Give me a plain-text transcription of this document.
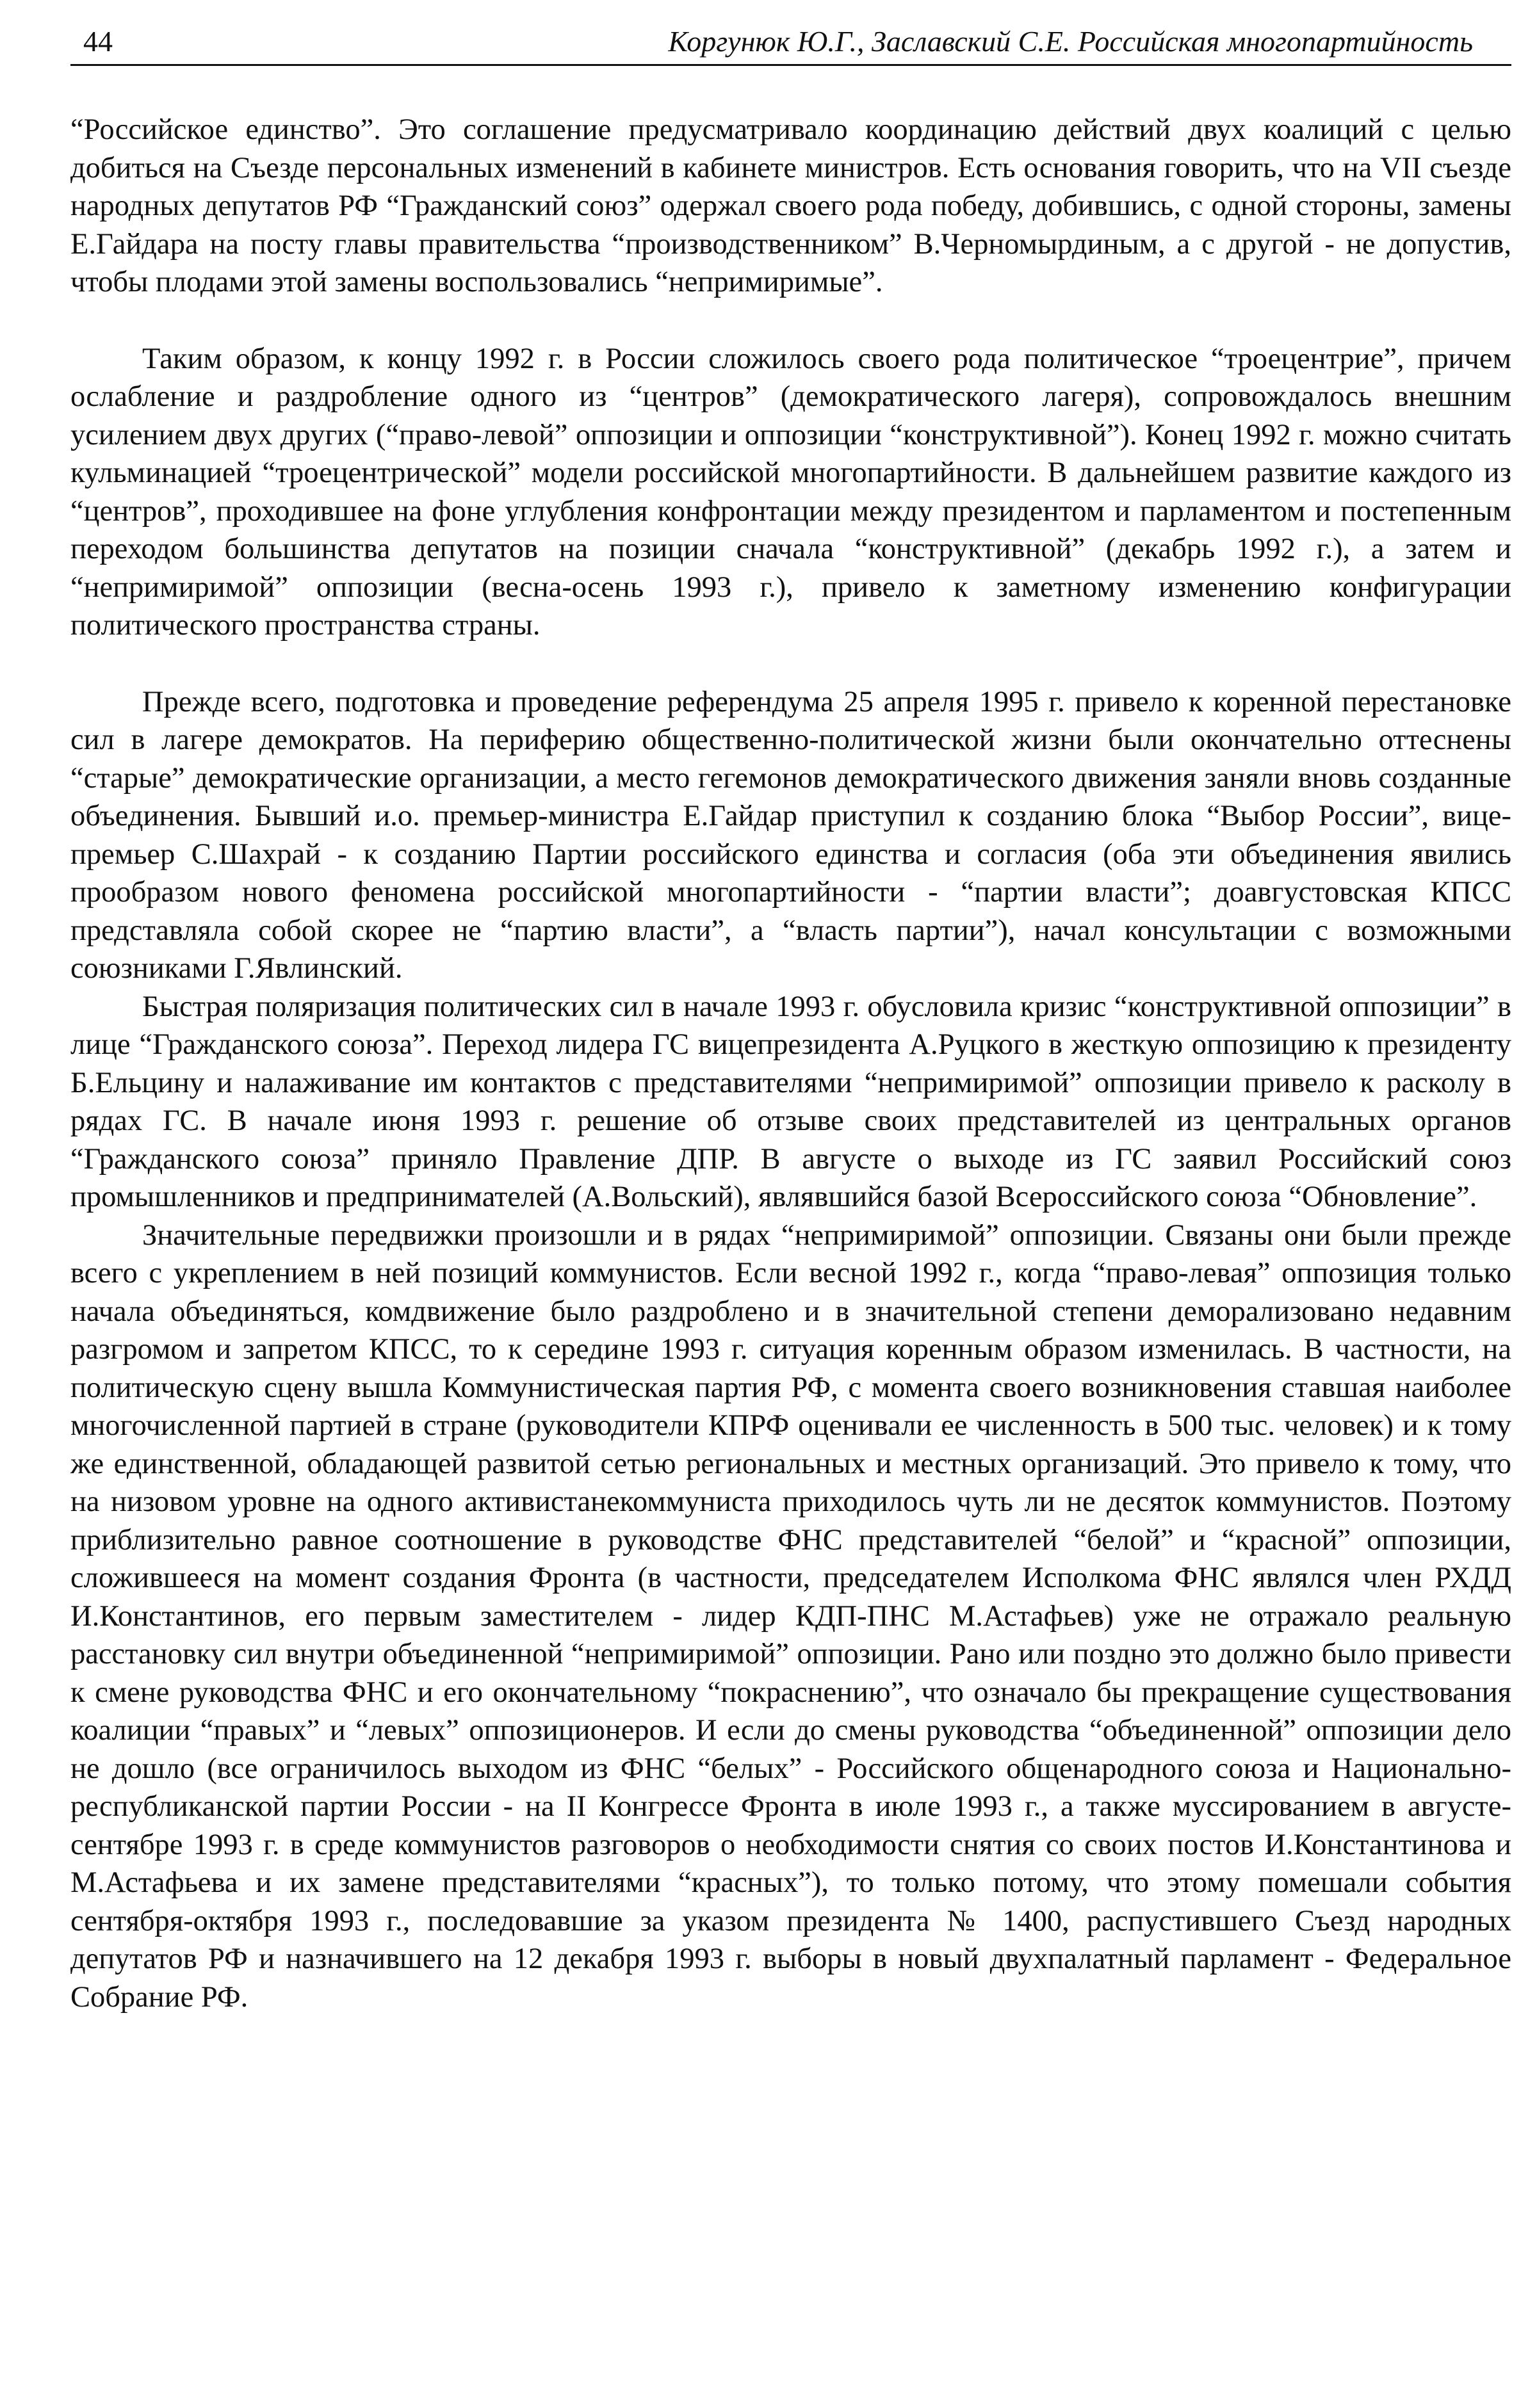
44	Коргунюк Ю.Г., Заславский С.Е. Российская многопартийность

“Российское единство”. Это соглашение предусматривало координацию действий двух коалиций с целью добиться на Съезде персональных изменений в кабинете министров. Есть основания говорить, что на VII съезде народных депутатов РФ “Гражданский союз” одержал своего рода победу, добившись, с одной стороны, замены Е.Гайдара на посту главы правительства “производственником” В.Черномырдиным, а с другой - не допустив, чтобы плодами этой замены воспользовались “непримиримые”.

Таким образом, к концу 1992 г. в России сложилось своего рода политическое “троецентрие”, причем ослабление и раздробление одного из “центров” (демократического лагеря), сопровождалось внешним усилением двух других (“право-левой” оппозиции и оппозиции “конструктивной”). Конец 1992 г. можно считать кульминацией “троецентрической” модели российской многопартийности. В дальнейшем развитие каждого из “центров”, проходившее на фоне углубления конфронтации между президентом и парламентом и постепенным переходом большинства депутатов на позиции сначала “конструктивной” (декабрь 1992 г.), а затем и “непримиримой” оппозиции (весна-осень 1993 г.), привело к заметному изменению конфигурации политического пространства страны.

Прежде всего, подготовка и проведение референдума 25 апреля 1995 г. привело к коренной перестановке сил в лагере демократов. На периферию общественно-политической жизни были окончательно оттеснены “старые” демократические организации, а место гегемонов демократического движения заняли вновь созданные объединения. Бывший и.о. премьер-министра Е.Гайдар приступил к созданию блока “Выбор России”, вице-премьер С.Шахрай - к созданию Партии российского единства и согласия (оба эти объединения явились прообразом нового феномена российской многопартийности - “партии власти”; доавгустовская КПСС представляла собой скорее не “партию власти”, а “власть партии”), начал консультации с возможными союзниками Г.Явлинский.

Быстрая поляризация политических сил в начале 1993 г. обусловила кризис “конструктивной оппозиции” в лице “Гражданского союза”. Переход лидера ГС вицепрезидента А.Руцкого в жесткую оппозицию к президенту Б.Ельцину и налаживание им контактов с представителями “непримиримой” оппозиции привело к расколу в рядах ГС. В начале июня 1993 г. решение об отзыве своих представителей из центральных органов “Гражданского союза” приняло Правление ДПР. В августе о выходе из ГС заявил Российский союз промышленников и предпринимателей (А.Вольский), являвшийся базой Всероссийского союза “Обновление”.

Значительные передвижки произошли и в рядах “непримиримой” оппозиции. Связаны они были прежде всего с укреплением в ней позиций коммунистов. Если весной 1992 г., когда “право-левая” оппозиция только начала объединяться, комдвижение было раздроблено и в значительной степени деморализовано недавним разгромом и запретом КПСС, то к середине 1993 г. ситуация коренным образом изменилась. В частности, на политическую сцену вышла Коммунистическая партия РФ, с момента своего возникновения ставшая наиболее многочисленной партией в стране (руководители КПРФ оценивали ее численность в 500 тыс. человек) и к тому же единственной, обладающей развитой сетью региональных и местных организаций. Это привело к тому, что на низовом уровне на одного активистанекоммуниста приходилось чуть ли не десяток коммунистов. Поэтому приблизительно равное соотношение в руководстве ФНС представителей “белой” и “красной” оппозиции, сложившееся на момент создания Фронта (в частности, председателем Исполкома ФНС являлся член РХДД И.Константинов, его первым заместителем - лидер КДП-ПНС М.Астафьев) уже не отражало реальную расстановку сил внутри объединенной “непримиримой” оппозиции. Рано или поздно это должно было привести к смене руководства ФНС и его окончательному “покраснению”, что означало бы прекращение существования коалиции “правых” и “левых” оппозиционеров. И если до смены руководства “объединенной” оппозиции дело не дошло (все ограничилось выходом из ФНС “белых” - Российского общенародного союза и Национально-республиканской партии России - на II Конгрессе Фронта в июле 1993 г., а также муссированием в августе-сентябре 1993 г. в среде коммунистов разговоров о необходимости снятия со своих постов И.Константинова и М.Астафьева и их замене представителями “красных”), то только потому, что этому помешали события сентября-октября 1993 г., последовавшие за указом президента № 1400, распустившего Съезд народных депутатов РФ и назначившего на 12 декабря 1993 г. выборы в новый двухпалатный парламент - Федеральное Собрание РФ.
